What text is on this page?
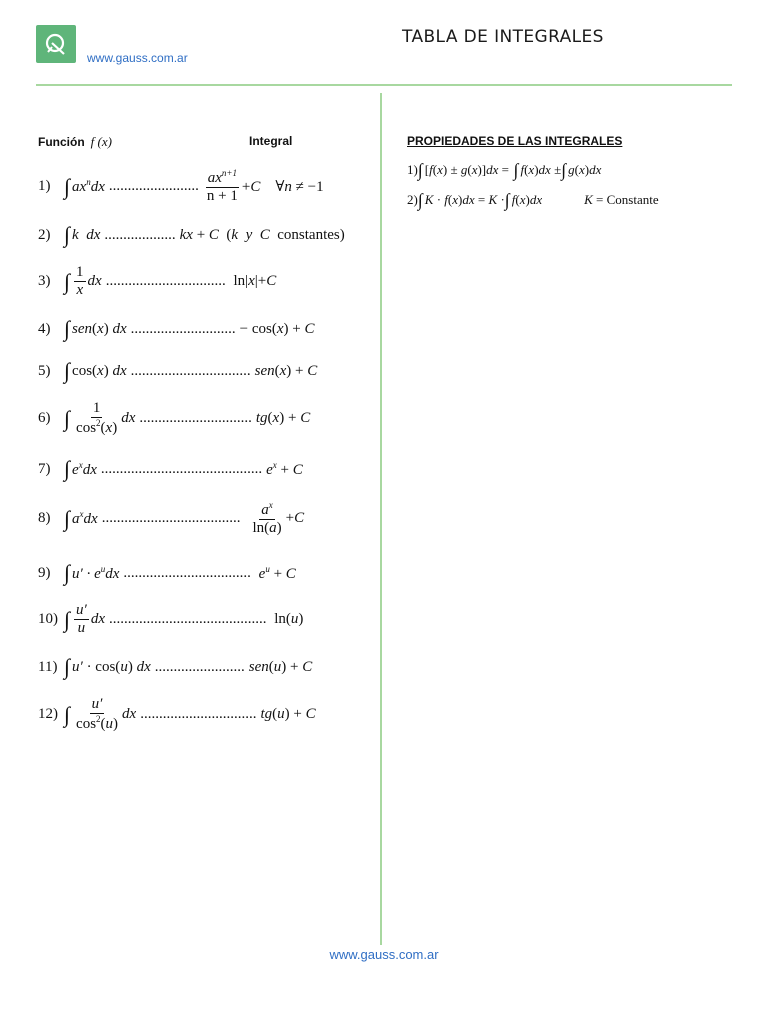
www.gauss.com.ar
TABLA DE INTEGRALES
Función f (x)	Integral
1) ∫ $ax^ndx$ ........................ $\frac{ax^{n+1}}{n + 1} +C$    ∀n ≠ −1
2) ∫ k  dx ................... kx + C  (k  y  C  constantes)
3) ∫ $\frac{1}{x}$ dx ................................ ln|x|+C
4) ∫ sen ( x ) dx ............................ − cos(x) + C
5) ∫ cos(x) dx ................................ sen(x) + C
6) ∫ $\frac{1}{\cos^2(x)}$ dx .............................. tg(x) + C
7) ∫ $e^xdx$ ........................................... $e^x + C$
8) ∫ $a^xdx$ ..................................... $\frac{a^x}{\ln(a)} +C$
9) ∫ $u' \cdot e^udx$ .................................. $e^u + C$
10) ∫ $\frac{u'}{u}$ dx .......................................... ln(u)
11) ∫ u′ · cos(u) dx ........................ sen(u) + C
12) ∫ $\frac{u'}{\cos^2(u)}$ dx ............................... tg(u) + C
PROPIEDADES DE LAS INTEGRALES
1) ∫ [f(x) ± g(x)]dx = ∫ f(x)dx ± ∫ g(x)dx
2) ∫ K · f(x)dx = K · ∫ f(x)dx	K = Constante
www.gauss.com.ar
